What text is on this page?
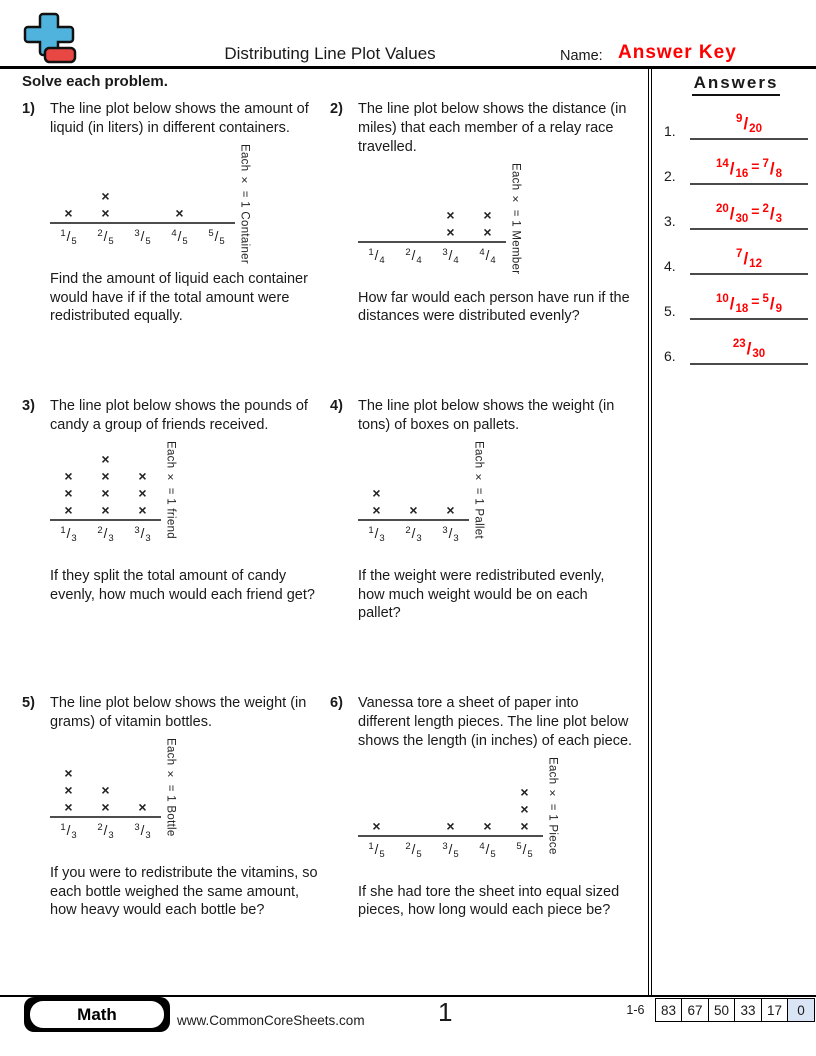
Distributing Line Plot Values	Name: Answer Key
Solve each problem.
1)	The line plot below shows the amount of liquid (in liters) in different containers.
×
×
×	×
$^1/_5$
$^2/_5$
$^3/_5$
$^4/_5$
$^5/_5$	Each × = 1 Container
Find the amount of liquid each container would have if if the total amount were redistributed equally.
2)	The line plot below shows the distance (in miles) that each member of a relay race travelled.
×
×
×
×
$^1/_4$
$^2/_4$
$^3/_4$
$^4/_4$	Each × = 1 Member
How far would each person have run if the distances were distributed evenly?
3)	The line plot below shows the pounds of candy a group of friends received.
×
×
×
×
×
×
×
×
×
×
$^1/_3$
$^2/_3$
$^3/_3$	Each × = 1 friend
If they split the total amount of candy evenly, how much would each friend get?
4)	The line plot below shows the weight (in tons) of boxes on pallets.
×
× × ×
$^1/_3$
$^2/_3$
$^3/_3$	Each × = 1 Pallet
If the weight were redistributed evenly, how much weight would be on each pallet?
5)	The line plot below shows the weight (in grams) of vitamin bottles.
×
×
×
×
× ×
$^1/_3$
$^2/_3$
$^3/_3$	Each × = 1 Bottle
If you were to redistribute the vitamins, so each bottle weighed the same amount, how heavy would each bottle be?
6)	Vanessa tore a sheet of paper into different length pieces. The line plot below shows the length (in inches) of each piece.
×	× ×
×
×
×
$^1/_5$
$^2/_5$
$^3/_5$
$^4/_5$
$^5/_5$	Each × = 1 Piece
If she had tore the sheet into equal sized pieces, how long would each piece be?
Answers
1.
$^9$/20
2.
$^{14}$/16 = $^7$/8
3.
$^{20}$/30 = $^2$/3
4.
$^7$/12
5.
$^{10}$/18 = $^5$/9
6.
$^{23}$/30
Math	www.CommonCoreSheets.com	1	1-6	83 67 50 33 17	0
